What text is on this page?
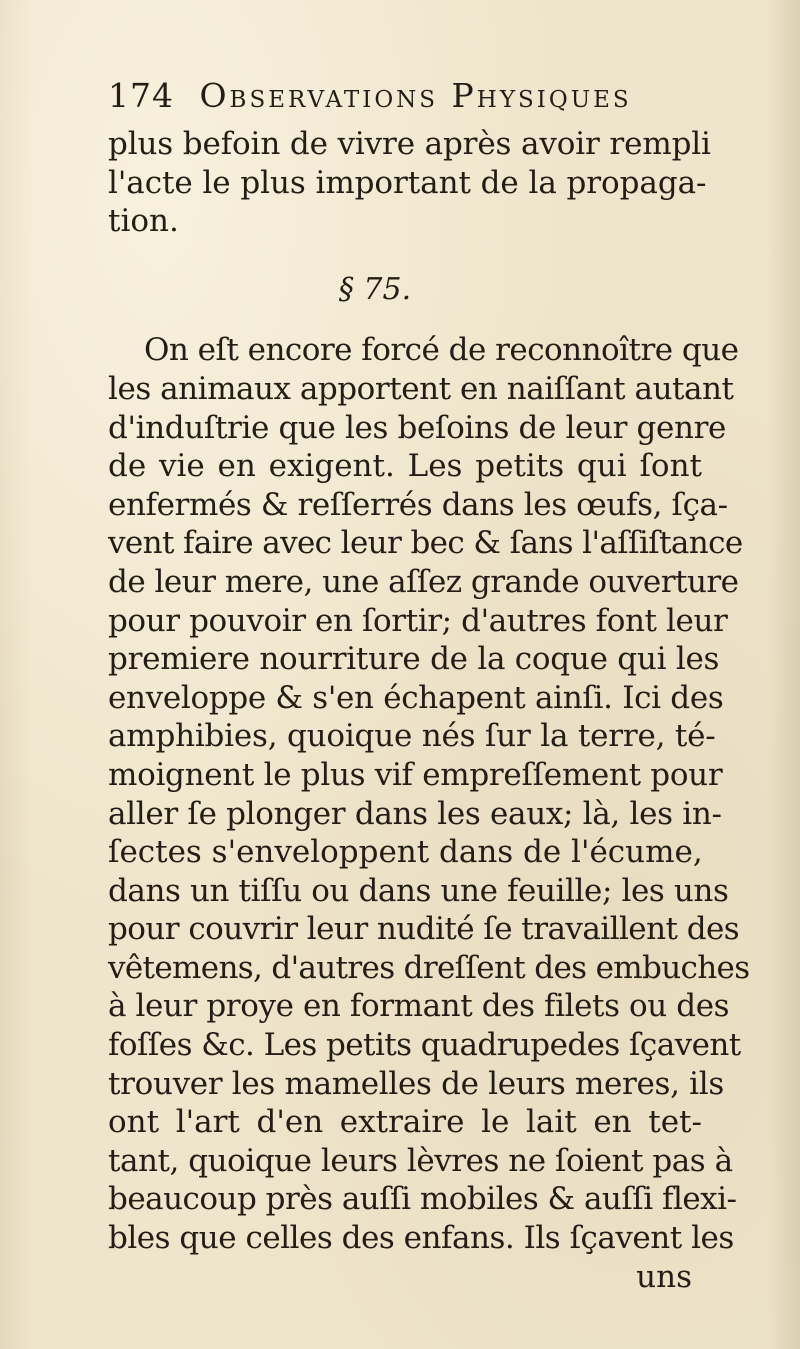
174 Observations Physiques
plus befoin de vivre après avoir rempli
l'acte le plus important de la propaga-
tion.
§ 75.
On eſt encore forcé de reconnoître que
les animaux apportent en naiſſant autant
d'induſtrie que les beſoins de leur genre
de vie en exigent. Les petits qui ſont
enfermés & reſſerrés dans les œufs, ſça-
vent faire avec leur bec & ſans l'aſſiſtance
de leur mere, une aſſez grande ouverture
pour pouvoir en ſortir; d'autres font leur
premiere nourriture de la coque qui les
enveloppe & s'en échapent ainſi. Ici des
amphibies, quoique nés ſur la terre, té-
moignent le plus vif empreſſement pour
aller ſe plonger dans les eaux; là, les in-
ſectes s'enveloppent dans de l'écume,
dans un tiſſu ou dans une feuille; les uns
pour couvrir leur nudité ſe travaillent des
vêtemens, d'autres dreſſent des embuches
à leur proye en formant des filets ou des
foſſes &c. Les petits quadrupedes ſçavent
trouver les mamelles de leurs meres, ils
ont l'art d'en extraire le lait en tet-
tant, quoique leurs lèvres ne ſoient pas à
beaucoup près auſſi mobiles & auſſi flexi-
bles que celles des enfans. Ils ſçavent les
uns
